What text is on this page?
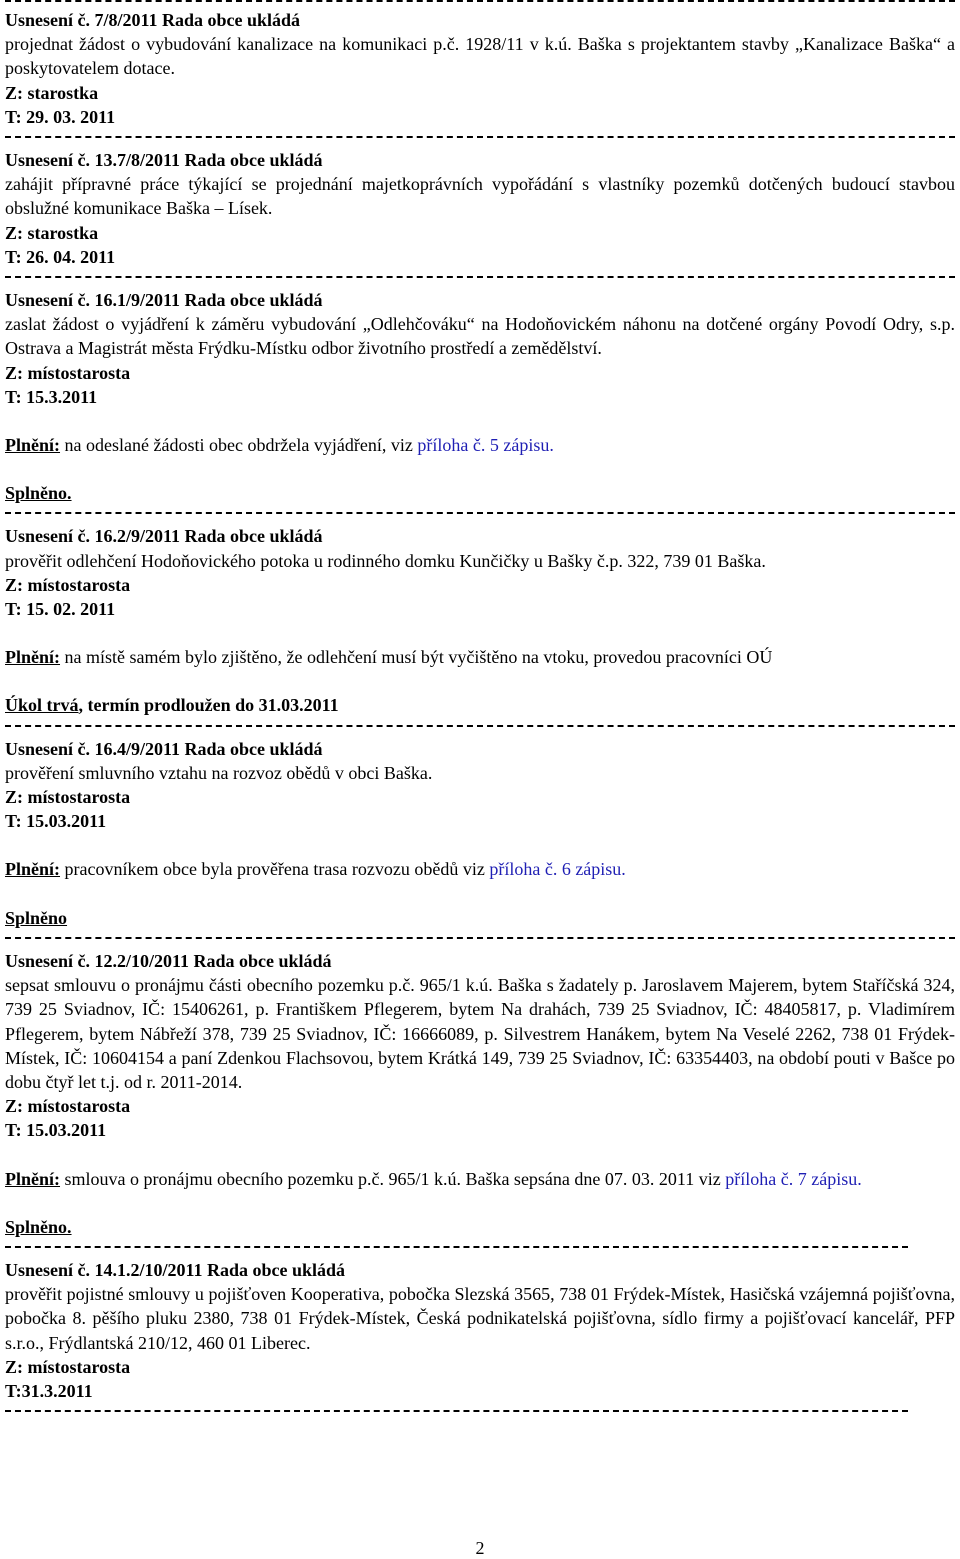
Usnesení č. 7/8/2011 Rada obce ukládá

projednat žádost o vybudování kanalizace na komunikaci p.č. 1928/11 v k.ú. Baška s projektantem stavby „Kanalizace Baška“ a poskytovatelem dotace.

Z: starostka

T: 29. 03. 2011

Usnesení č. 13.7/8/2011 Rada obce ukládá

zahájit přípravné práce týkající se projednání majetkoprávních vypořádání s vlastníky pozemků dotčených budoucí stavbou obslužné komunikace Baška – Lísek.

Z: starostka

T: 26. 04. 2011

Usnesení č. 16.1/9/2011 Rada obce ukládá

zaslat žádost o vyjádření k záměru vybudování „Odlehčováku“ na Hodoňovickém náhonu na dotčené orgány Povodí Odry, s.p. Ostrava a Magistrát města Frýdku-Místku odbor životního prostředí a zemědělství.

Z: místostarosta

T: 15.3.2011

Plnění: na odeslané žádosti obec obdržela vyjádření, viz příloha č. 5 zápisu.

Splněno.

Usnesení č. 16.2/9/2011 Rada obce ukládá

prověřit odlehčení Hodoňovického potoka u rodinného domku Kunčičky u Bašky č.p. 322, 739 01 Baška.

Z: místostarosta

T: 15. 02. 2011

Plnění: na místě samém bylo zjištěno, že odlehčení musí být vyčištěno na vtoku, provedou pracovníci OÚ

Úkol trvá, termín prodloužen do 31.03.2011

Usnesení č. 16.4/9/2011 Rada obce ukládá

prověření smluvního vztahu na rozvoz obědů v obci Baška.

Z: místostarosta

T: 15.03.2011

Plnění: pracovníkem obce byla prověřena trasa rozvozu obědů viz příloha č. 6 zápisu.

Splněno

Usnesení č. 12.2/10/2011 Rada obce ukládá

sepsat smlouvu o pronájmu části obecního pozemku p.č. 965/1 k.ú. Baška s žadately p. Jaroslavem Majerem, bytem Staříčská 324, 739 25 Sviadnov, IČ: 15406261, p. Františkem Pflegerem, bytem Na drahách, 739 25 Sviadnov, IČ: 48405817, p. Vladimírem Pflegerem, bytem Nábřeží 378, 739 25 Sviadnov, IČ: 16666089, p. Silvestrem Hanákem, bytem Na Veselé 2262, 738 01 Frýdek-Místek, IČ: 10604154 a paní Zdenkou Flachsovou, bytem Krátká 149, 739 25 Sviadnov, IČ: 63354403, na období pouti v Bašce po dobu čtyř let t.j. od r. 2011-2014.

Z: místostarosta

T: 15.03.2011

Plnění: smlouva o pronájmu obecního pozemku p.č. 965/1 k.ú. Baška sepsána dne 07. 03. 2011 viz příloha č. 7 zápisu.

Splněno.

Usnesení č. 14.1.2/10/2011 Rada obce ukládá

prověřit pojistné smlouvy u pojišťoven Kooperativa, pobočka Slezská 3565, 738 01 Frýdek-Místek, Hasičská vzájemná pojišťovna, pobočka 8. pěšího pluku 2380, 738 01 Frýdek-Místek, Česká podnikatelská pojišťovna, sídlo firmy a pojišťovací kancelář, PFP s.r.o., Frýdlantská 210/12, 460 01 Liberec.

Z: místostarosta

T:31.3.2011

2
